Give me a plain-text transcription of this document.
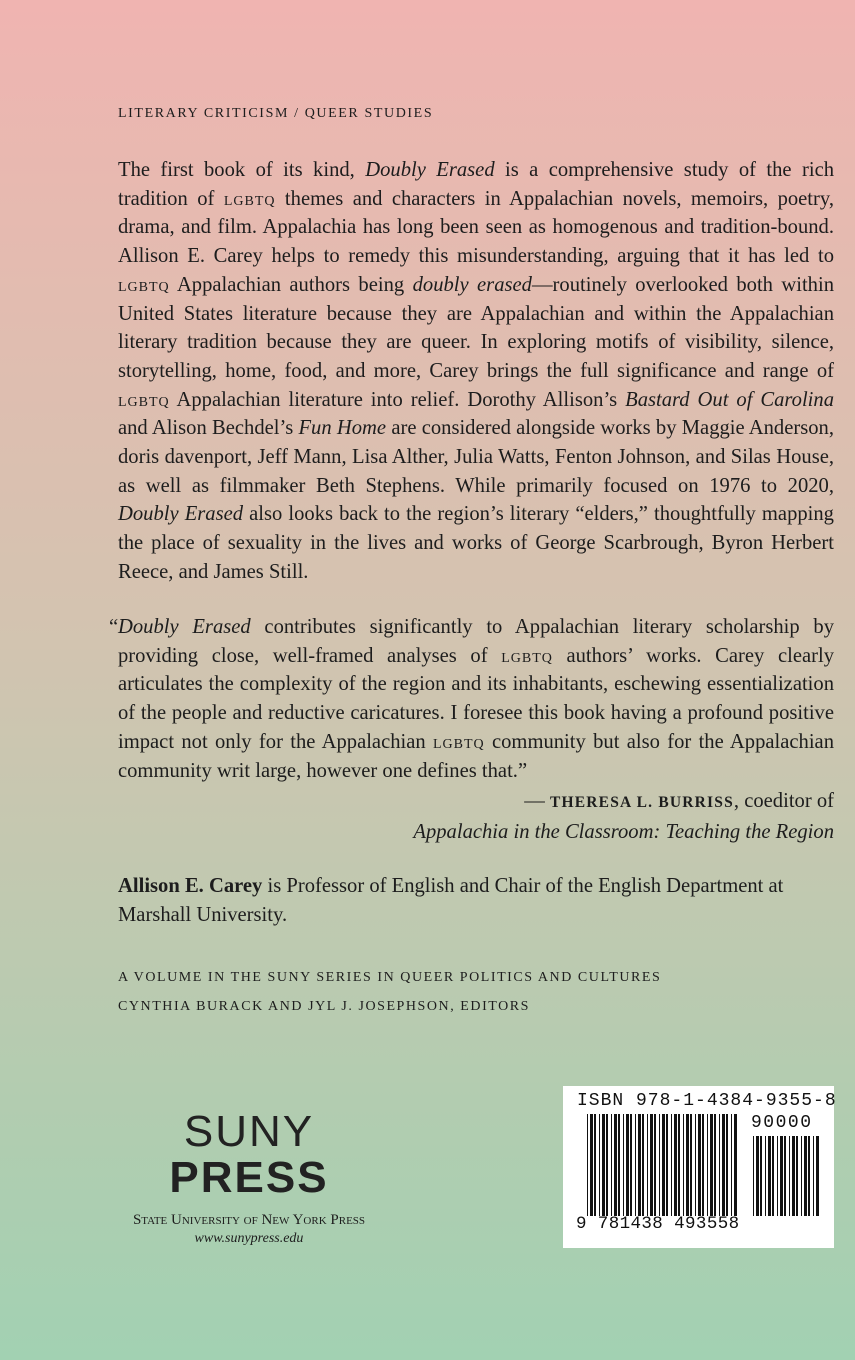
LITERARY CRITICISM / QUEER STUDIES

The first book of its kind, Doubly Erased is a comprehensive study of the rich tradition of lgbtq themes and characters in Appalachian novels, memoirs, poetry, drama, and film. Appalachia has long been seen as homogenous and tradition-bound. Allison E. Carey helps to remedy this misunderstanding, arguing that it has led to lgbtq Appalachian authors being doubly erased—routinely overlooked both within United States literature because they are Appalachian and within the Appalachian literary tradition because they are queer. In exploring motifs of visibility, silence, storytelling, home, food, and more, Carey brings the full significance and range of lgbtq Appalachian literature into relief. Dorothy Allison’s Bastard Out of Carolina and Alison Bechdel’s Fun Home are considered alongside works by Maggie Anderson, doris davenport, Jeff Mann, Lisa Alther, Julia Watts, Fenton Johnson, and Silas House, as well as filmmaker Beth Stephens. While primarily focused on 1976 to 2020, Doubly Erased also looks back to the region’s literary “elders,” thoughtfully mapping the place of sexuality in the lives and works of George Scarbrough, Byron Herbert Reece, and James Still.

“ Doubly Erased contributes significantly to Appalachian literary scholarship by providing close, well-framed analyses of lgbtq authors’ works. Carey clearly articulates the complexity of the region and its inhabitants, eschewing essentialization of the people and reductive caricatures. I foresee this book having a profound positive impact not only for the Appalachian lgbtq community but also for the Appalachian community writ large, however one defines that.”

— THERESA L. BURRISS, coeditor of
Appalachia in the Classroom: Teaching the Region

Allison E. Carey is Professor of English and Chair of the English Department at Marshall University.

A VOLUME IN THE SUNY SERIES IN QUEER POLITICS AND CULTURES
CYNTHIA BURACK AND JYL J. JOSEPHSON, EDITORS
SUNY
PRESS
State University of New York Press
www.sunypress.edu
ISBN 978-1-4384-9355-8
90000
9 781438 493558
